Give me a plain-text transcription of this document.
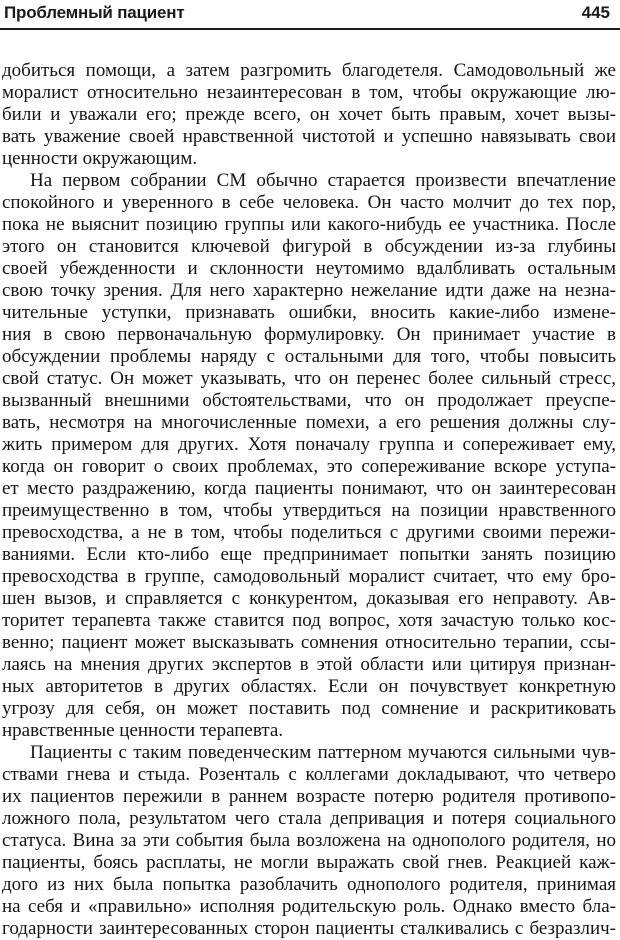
Проблемный пациент	445
добиться помощи, а затем разгромить благодетеля. Самодовольный же
моралист относительно незаинтересован в том, чтобы окружающие лю-
били и уважали его; прежде всего, он хочет быть правым, хочет вызы-
вать уважение своей нравственной чистотой и успешно навязывать свои
ценности окружающим.
На первом собрании СМ обычно старается произвести впечатление
спокойного и уверенного в себе человека. Он часто молчит до тех пор,
пока не выяснит позицию группы или какого-нибудь ее участника. После
этого он становится ключевой фигурой в обсуждении из-за глубины
своей убежденности и склонности неутомимо вдалбливать остальным
свою точку зрения. Для него характерно нежелание идти даже на незна-
чительные уступки, признавать ошибки, вносить какие-либо измене-
ния в свою первоначальную формулировку. Он принимает участие в
обсуждении проблемы наряду с остальными для того, чтобы повысить
свой статус. Он может указывать, что он перенес более сильный стресс,
вызванный внешними обстоятельствами, что он продолжает преуспе-
вать, несмотря на многочисленные помехи, а его решения должны слу-
жить примером для других. Хотя поначалу группа и сопереживает ему,
когда он говорит о своих проблемах, это сопереживание вскоре уступа-
ет место раздражению, когда пациенты понимают, что он заинтересован
преимущественно в том, чтобы утвердиться на позиции нравственного
превосходства, а не в том, чтобы поделиться с другими своими пережи-
ваниями. Если кто-либо еще предпринимает попытки занять позицию
превосходства в группе, самодовольный моралист считает, что ему бро-
шен вызов, и справляется с конкурентом, доказывая его неправоту. Ав-
торитет терапевта также ставится под вопрос, хотя зачастую только кос-
венно; пациент может высказывать сомнения относительно терапии, ссы-
лаясь на мнения других экспертов в этой области или цитируя признан-
ных авторитетов в других областях. Если он почувствует конкретную
угрозу для себя, он может поставить под сомнение и раскритиковать
нравственные ценности терапевта.
Пациенты с таким поведенческим паттерном мучаются сильными чув-
ствами гнева и стыда. Розенталь с коллегами докладывают, что четверо
их пациентов пережили в раннем возрасте потерю родителя противопо-
ложного пола, результатом чего стала депривация и потеря социального
статуса. Вина за эти события была возложена на однополого родителя, но
пациенты, боясь расплаты, не могли выражать свой гнев. Реакцией каж-
дого из них была попытка разоблачить однополого родителя, принимая
на себя и «правильно» исполняя родительскую роль. Однако вместо бла-
годарности заинтересованных сторон пациенты сталкивались с безразлич-
